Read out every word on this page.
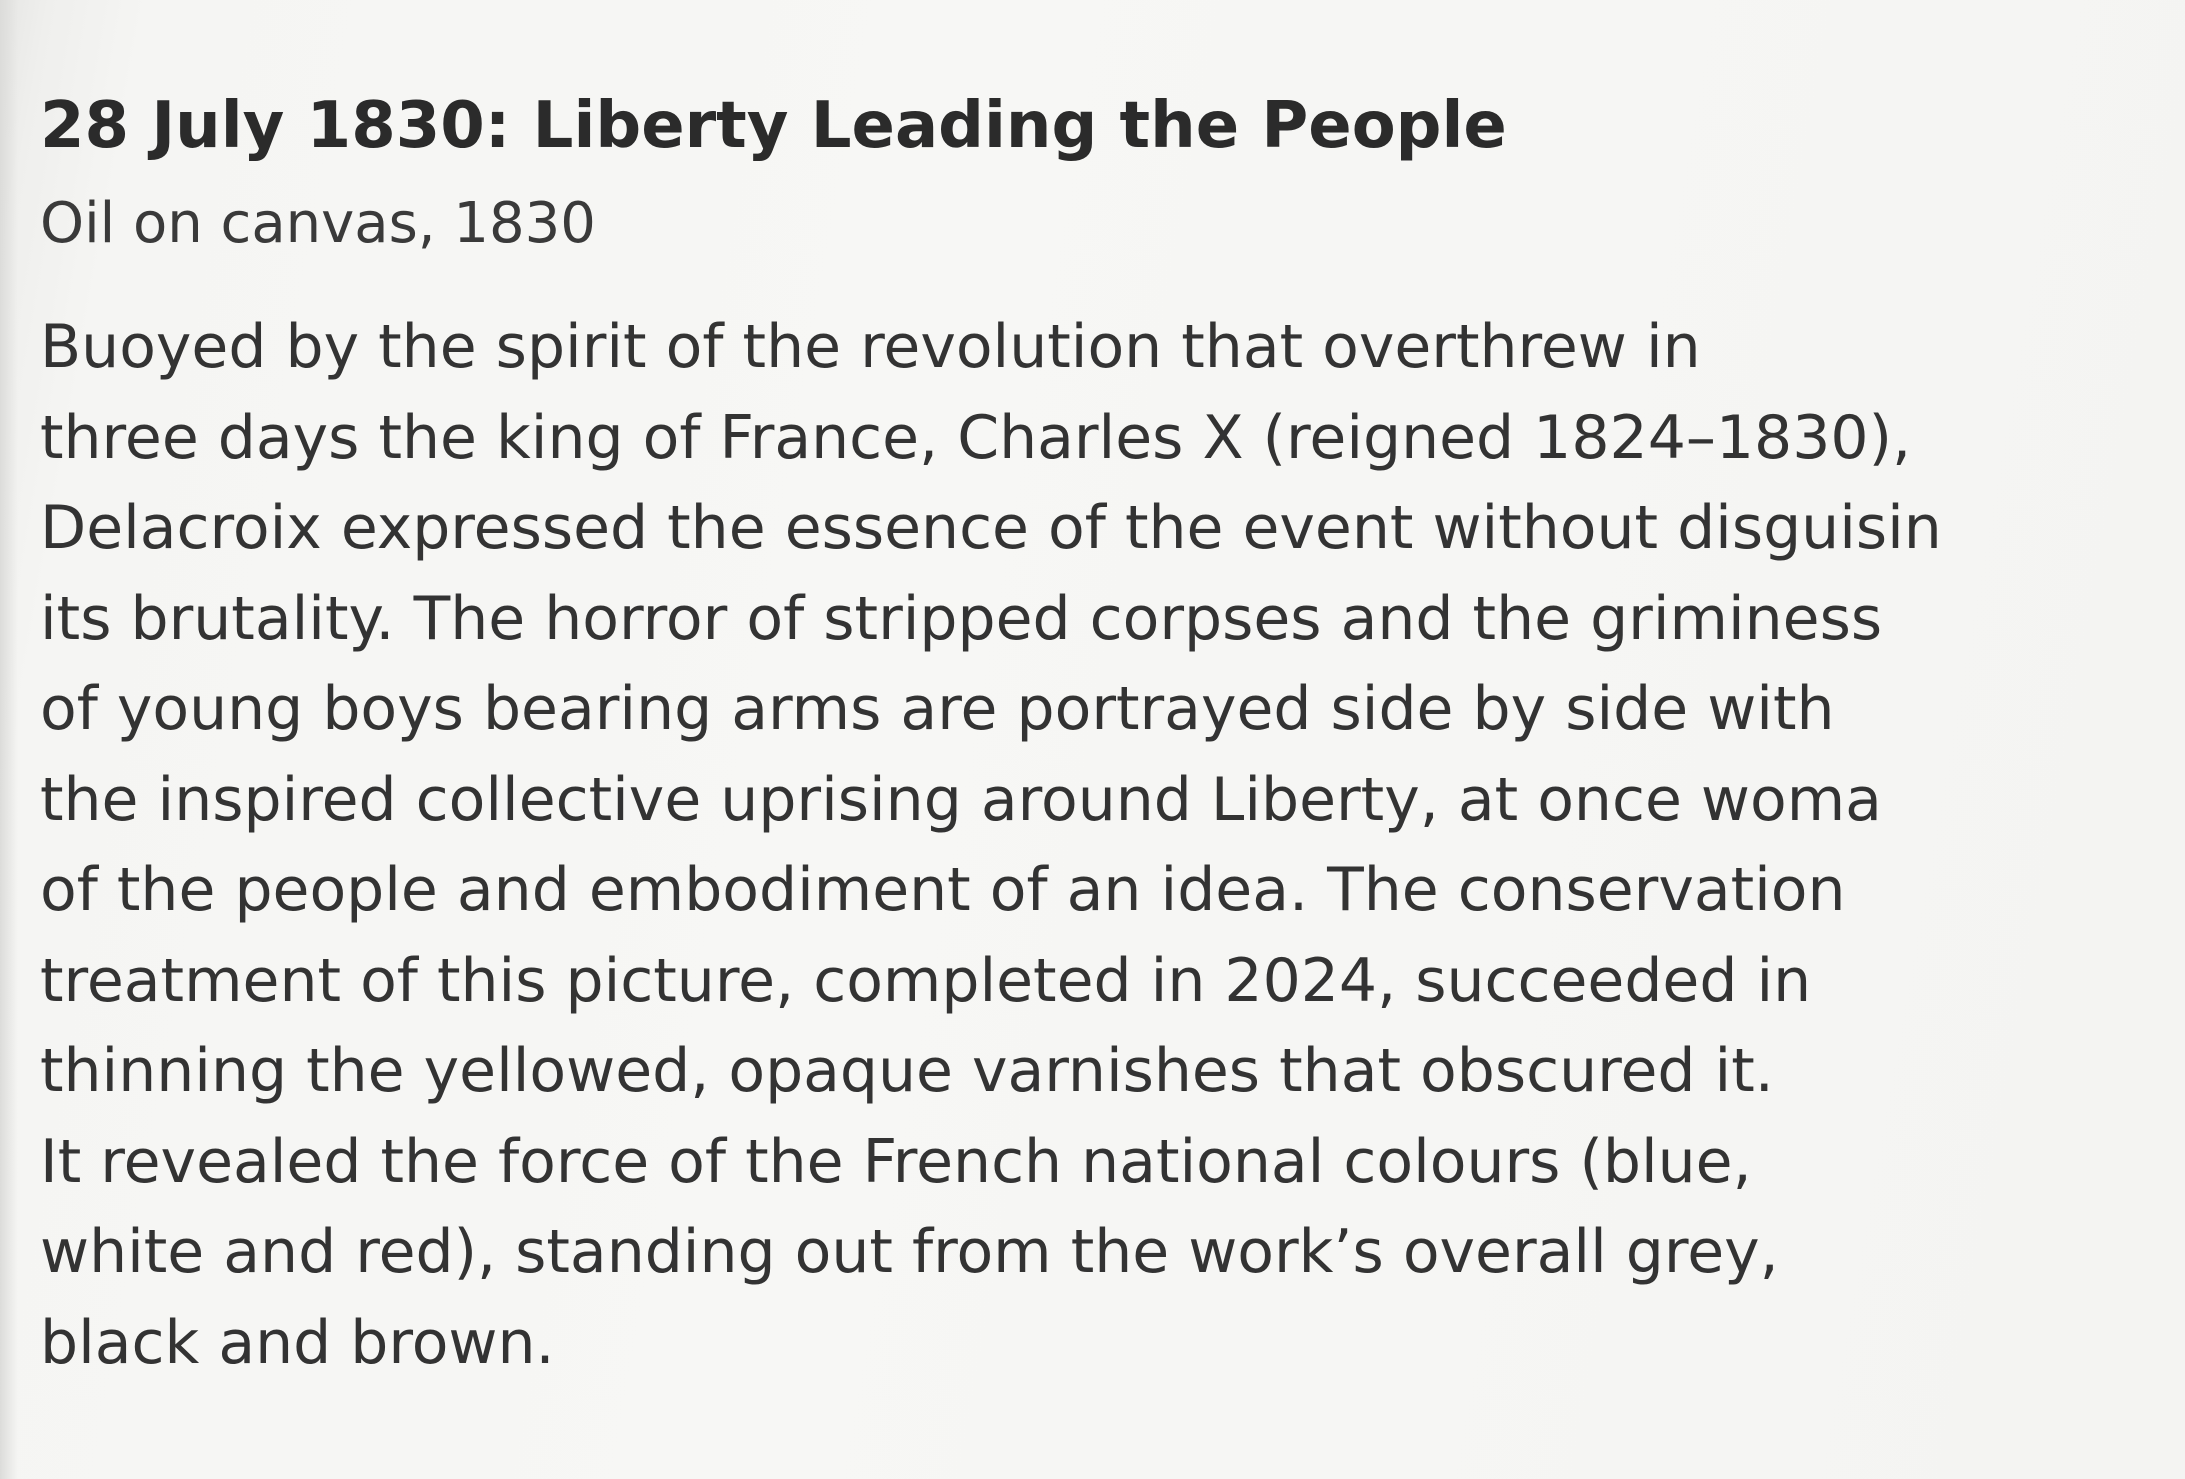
28 July 1830: Liberty Leading the People

Oil on canvas, 1830

Buoyed by the spirit of the revolution that overthrew in
three days the king of France, Charles X (reigned 1824–1830),
Delacroix expressed the essence of the event without disguisin
its brutality. The horror of stripped corpses and the griminess
of young boys bearing arms are portrayed side by side with
the inspired collective uprising around Liberty, at once woma
of the people and embodiment of an idea. The conservation
treatment of this picture, completed in 2024, succeeded in
thinning the yellowed, opaque varnishes that obscured it.
It revealed the force of the French national colours (blue,
white and red), standing out from the work’s overall grey,
black and brown.
